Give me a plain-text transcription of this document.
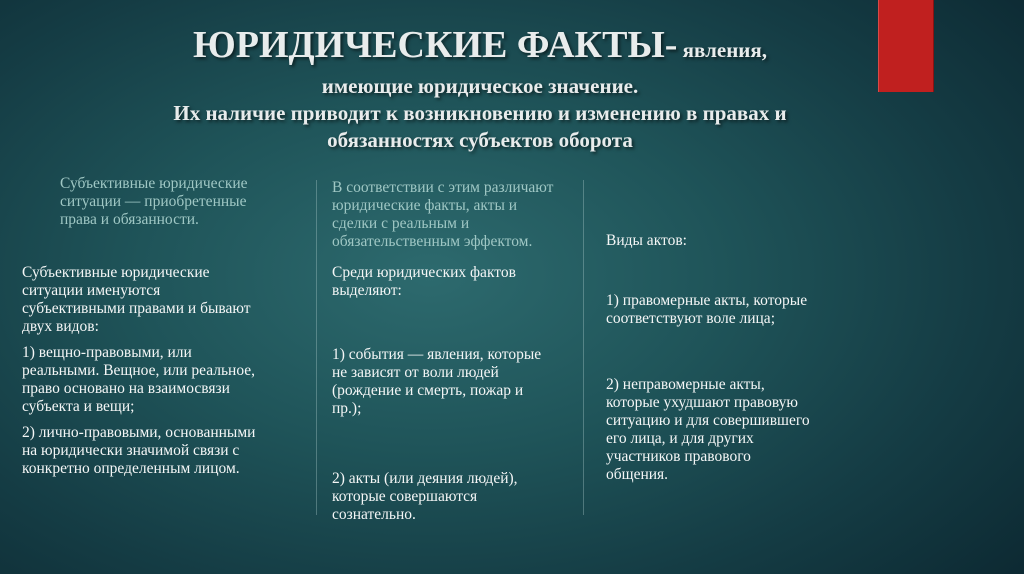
ЮРИДИЧЕСКИЕ ФАКТЫ- явления,
имеющие юридическое значение.
Их наличие приводит к возникновению и изменению в правах и
обязанностях субъектов оборота
Субъективные юридические
ситуации — приобретенные
права и обязанности.
Субъективные юридические
ситуации именуются
субъективными правами и бывают
двух видов:
1) вещно-правовыми, или
реальными. Вещное, или реальное,
право основано на взаимосвязи
субъекта и вещи;
2) лично-правовыми, основанными
на юридически значимой связи с
конкретно определенным лицом.
В соответствии с этим различают
юридические факты, акты и
сделки с реальным и
обязательственным эффектом.
Среди юридических фактов
выделяют:
1) события — явления, которые
не зависят от воли людей
(рождение и смерть, пожар и
пр.);
2) акты (или деяния людей),
которые совершаются
сознательно.
Виды актов:
1) правомерные акты, которые
соответствуют воле лица;
2) неправомерные акты,
которые ухудшают правовую
ситуацию и для совершившего
его лица, и для других
участников правового
общения.
